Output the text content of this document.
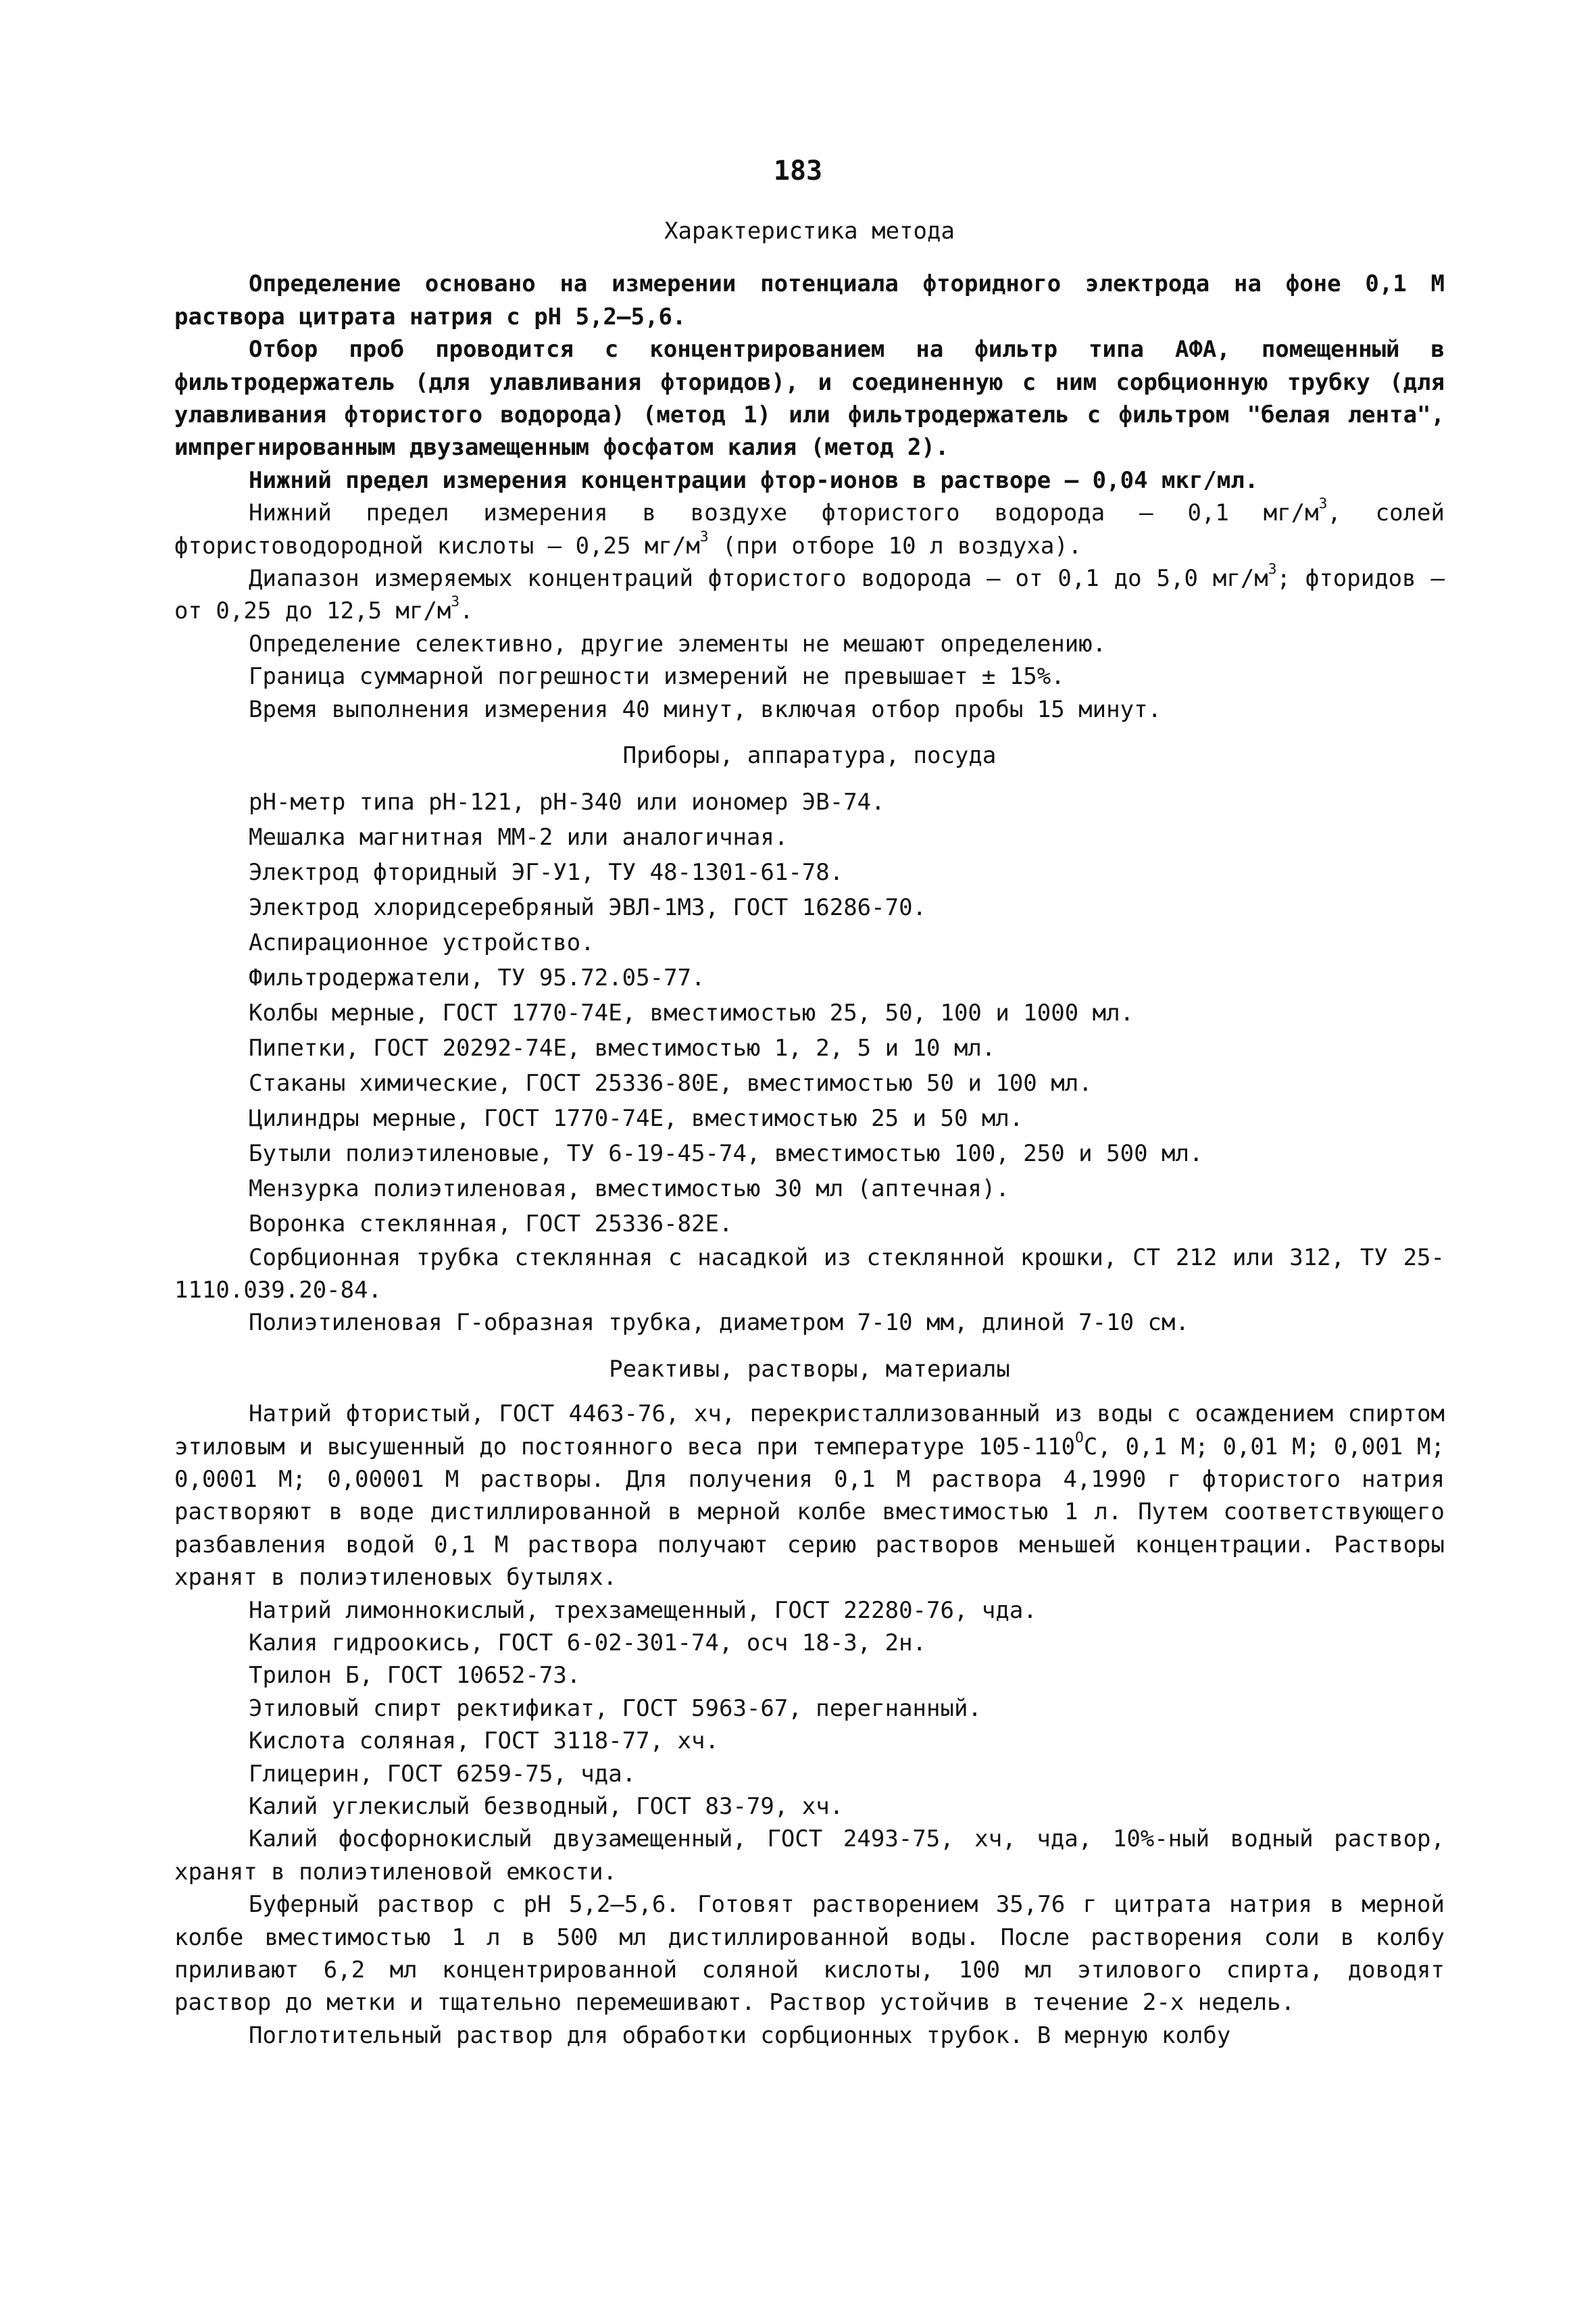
183

Характеристика метода

Определение основано на измерении потенциала фторидного электрода на фоне 0,1 М раствора цитрата натрия с рН 5,2–5,6.

Отбор проб проводится с концентрированием на фильтр типа АФА, помещенный в фильтродержатель (для улавливания фторидов), и соединенную с ним сорбционную трубку (для улавливания фтористого водорода) (метод 1) или фильтродержатель с фильтром "белая лента", импрегнированным двузамещенным фосфатом калия (метод 2).

Нижний предел измерения концентрации фтор-ионов в растворе – 0,04 мкг/мл.

Нижний предел измерения в воздухе фтористого водорода – 0,1 $мг/м^3$, солей фтористоводородной кислоты – 0,25 $мг/м^3$ (при отборе 10 л воздуха).

Диапазон измеряемых концентраций фтористого водорода – от 0,1 до 5,0 $мг/м^3$; фторидов – от 0,25 до 12,5 $мг/м^3$.

Определение селективно, другие элементы не мешают определению.

Граница суммарной погрешности измерений не превышает ± 15%.

Время выполнения измерения 40 минут, включая отбор пробы 15 минут.

Приборы, аппаратура, посуда

рН-метр типа рН-121, рН-340 или иономер ЭВ-74.

Мешалка магнитная ММ-2 или аналогичная.

Электрод фторидный ЭГ-У1, ТУ 48-1301-61-78.

Электрод хлоридсеребряный ЭВЛ-1М3, ГОСТ 16286-70.

Аспирационное устройство.

Фильтродержатели, ТУ 95.72.05-77.

Колбы мерные, ГОСТ 1770-74Е, вместимостью 25, 50, 100 и 1000 мл.

Пипетки, ГОСТ 20292-74Е, вместимостью 1, 2, 5 и 10 мл.

Стаканы химические, ГОСТ 25336-80Е, вместимостью 50 и 100 мл.

Цилиндры мерные, ГОСТ 1770-74Е, вместимостью 25 и 50 мл.

Бутыли полиэтиленовые, ТУ 6-19-45-74, вместимостью 100, 250 и 500 мл.

Мензурка полиэтиленовая, вместимостью 30 мл (аптечная).

Воронка стеклянная, ГОСТ 25336-82Е.

Сорбционная трубка стеклянная с насадкой из стеклянной крошки, СТ 212 или 312, ТУ 25-1110.039.20-84.

Полиэтиленовая Г-образная трубка, диаметром 7-10 мм, длиной 7-10 см.

Реактивы, растворы, материалы

Натрий фтористый, ГОСТ 4463-76, хч, перекристаллизованный из воды с осаждением спиртом этиловым и высушенный до постоянного веса при температуре $105-110^ОС$, 0,1 М; 0,01 М; 0,001 М; 0,0001 М; 0,00001 М растворы. Для получения 0,1 М раствора 4,1990 г фтористого натрия растворяют в воде дистиллированной в мерной колбе вместимостью 1 л. Путем соответствующего разбавления водой 0,1 М раствора получают серию растворов меньшей концентрации. Растворы хранят в полиэтиленовых бутылях.

Натрий лимоннокислый, трехзамещенный, ГОСТ 22280-76, чда.

Калия гидроокись, ГОСТ 6-02-301-74, осч 18-3, 2н.

Трилон Б, ГОСТ 10652-73.

Этиловый спирт ректификат, ГОСТ 5963-67, перегнанный.

Кислота соляная, ГОСТ 3118-77, хч.

Глицерин, ГОСТ 6259-75, чда.

Калий углекислый безводный, ГОСТ 83-79, хч.

Калий фосфорнокислый двузамещенный, ГОСТ 2493-75, хч, чда, 10%-ный водный раствор, хранят в полиэтиленовой емкости.

Буферный раствор с рН 5,2–5,6. Готовят растворением 35,76 г цитрата натрия в мерной колбе вместимостью 1 л в 500 мл дистиллированной воды. После растворения соли в колбу приливают 6,2 мл концентрированной соляной кислоты, 100 мл этилового спирта, доводят раствор до метки и тщательно перемешивают. Раствор устойчив в течение 2-х недель.

Поглотительный раствор для обработки сорбционных трубок. В мерную колбу
